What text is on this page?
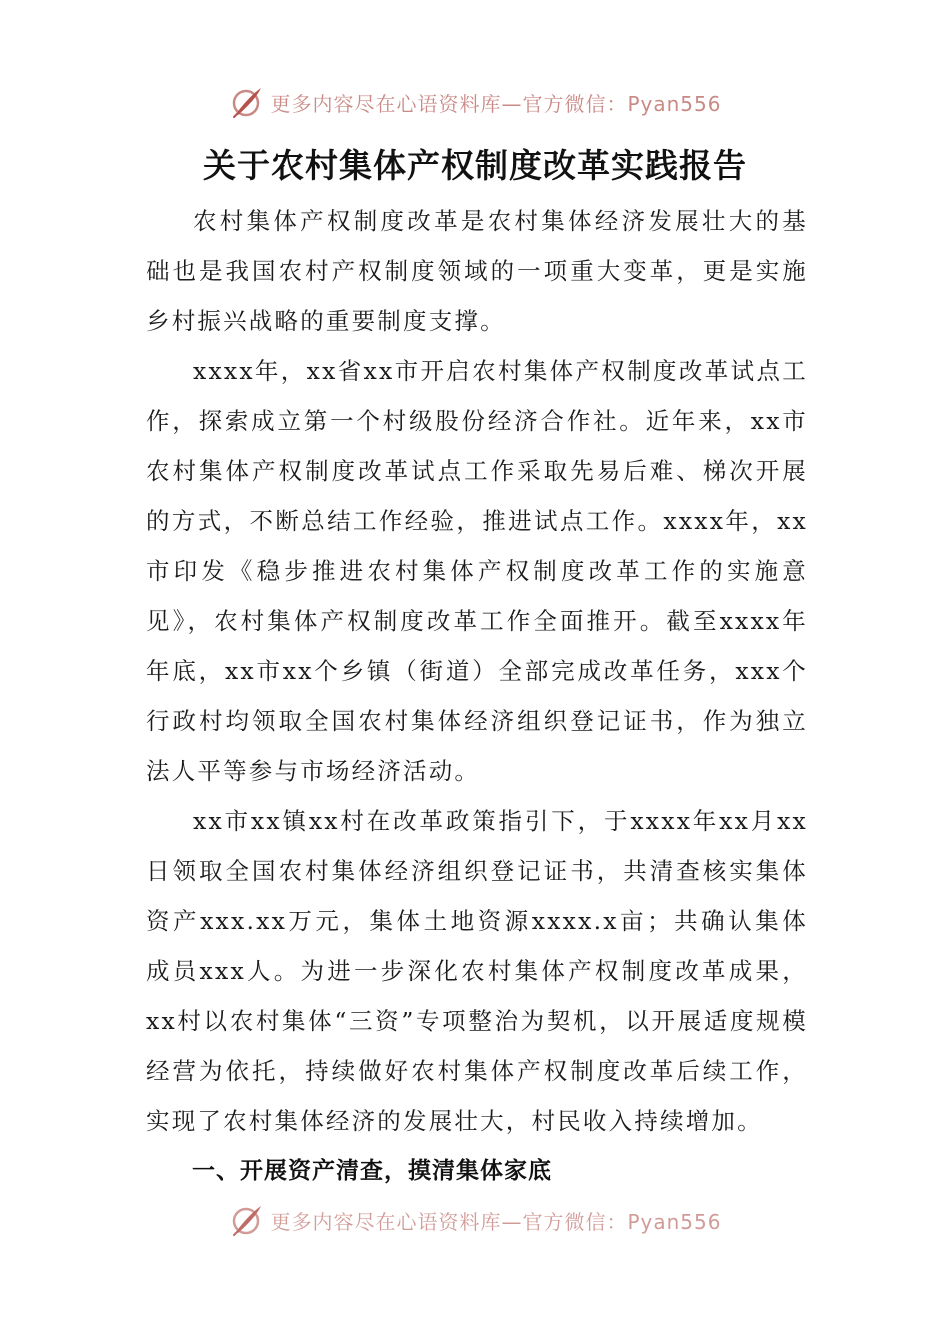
更多内容尽在心语资料库—官方微信：Pyan556
关于农村集体产权制度改革实践报告

农村集体产权制度改革是农村集体经济发展壮大的基础也是我国农村产权制度领域的一项重大变革，更是实施乡村振兴战略的重要制度支撑。

xxxx年，xx省xx市开启农村集体产权制度改革试点工作，探索成立第一个村级股份经济合作社。近年来，xx市农村集体产权制度改革试点工作采取先易后难、梯次开展的方式，不断总结工作经验，推进试点工作。xxxx年，xx市印发《稳步推进农村集体产权制度改革工作的实施意见》，农村集体产权制度改革工作全面推开。截至xxxx年年底，xx市xx个乡镇（街道）全部完成改革任务，xxx个行政村均领取全国农村集体经济组织登记证书，作为独立法人平等参与市场经济活动。

xx市xx镇xx村在改革政策指引下，于xxxx年xx月xx日领取全国农村集体经济组织登记证书，共清查核实集体资产xxx.xx万元，集体土地资源xxxx.x亩；共确认集体成员xxx人。为进一步深化农村集体产权制度改革成果，xx村以农村集体“三资”专项整治为契机，以开展适度规模经营为依托，持续做好农村集体产权制度改革后续工作，实现了农村集体经济的发展壮大，村民收入持续增加。

一、开展资产清查，摸清集体家底

更多内容尽在心语资料库—官方微信：Pyan556
